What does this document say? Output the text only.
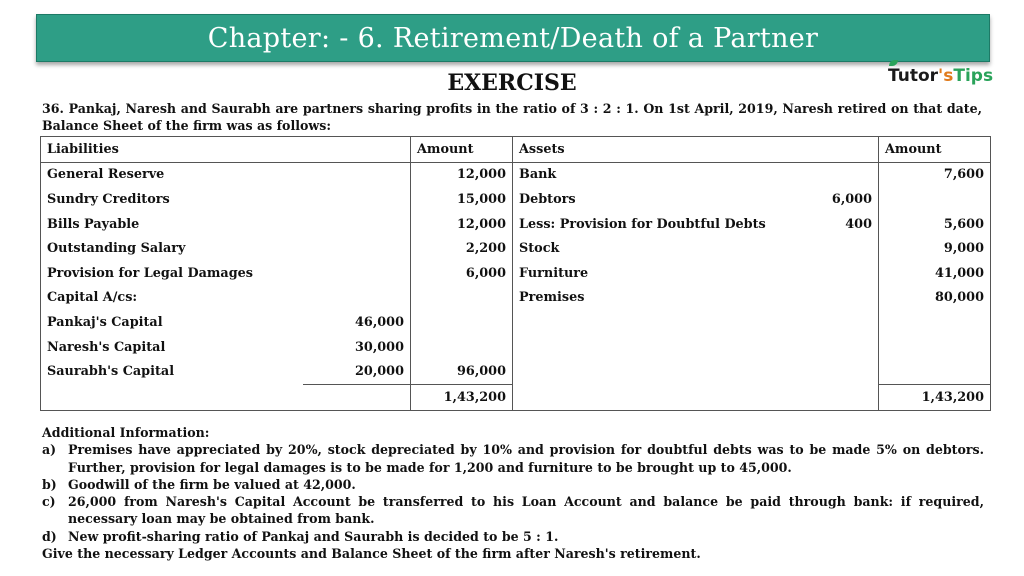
Chapter: - 6. Retirement/Death of a Partner
EXERCISE	Tutor'sTips
36. Pankaj, Naresh and Saurabh are partners sharing profits in the ratio of 3 : 2 : 1. On 1st April, 2019, Naresh retired on that date,
Balance Sheet of the firm was as follows:
Liabilities		Amount	Assets		Amount
General Reserve		12,000	Bank		7,600
Sundry Creditors		15,000	Debtors	6,000	
Bills Payable		12,000	Less: Provision for Doubtful Debts	400	5,600
Outstanding Salary		2,200	Stock		9,000
Provision for Legal Damages		6,000	Furniture		41,000
Capital A/cs:			Premises		80,000
Pankaj's Capital	46,000				
Naresh's Capital	30,000				
Saurabh's Capital	20,000	96,000			
		1,43,200			1,43,200
Additional Information:
a) Premises have appreciated by 20%, stock depreciated by 10% and provision for doubtful debts was to be made 5% on debtors. Further, provision for legal damages is to be made for 1,200 and furniture to be brought up to 45,000.
b) Goodwill of the firm be valued at 42,000.
c) 26,000 from Naresh's Capital Account be transferred to his Loan Account and balance be paid through bank: if required, necessary loan may be obtained from bank.
d) New profit-sharing ratio of Pankaj and Saurabh is decided to be 5 : 1.
Give the necessary Ledger Accounts and Balance Sheet of the firm after Naresh's retirement.
